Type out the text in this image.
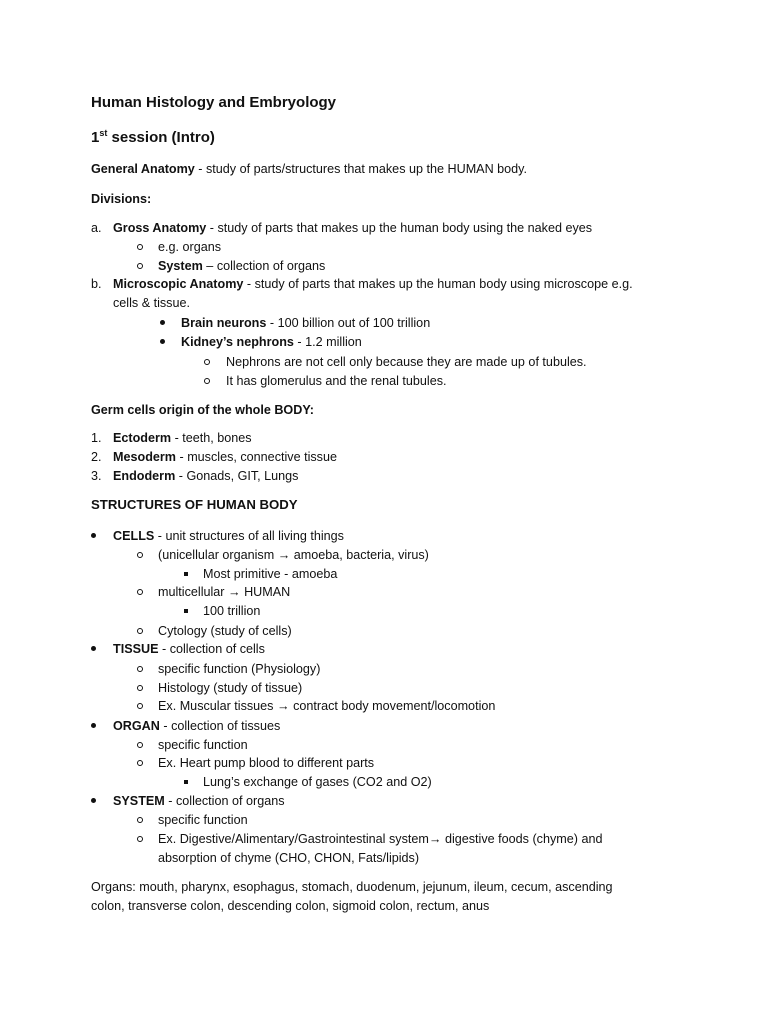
Human Histology and Embryology
1st session (Intro)
General Anatomy - study of parts/structures that makes up the HUMAN body.
Divisions:
a. Gross Anatomy - study of parts that makes up the human body using the naked eyes
e.g. organs
System – collection of organs
b. Microscopic Anatomy - study of parts that makes up the human body using microscope e.g.
cells & tissue.
Brain neurons - 100 billion out of 100 trillion
Kidney’s nephrons - 1.2 million
Nephrons are not cell only because they are made up of tubules.
It has glomerulus and the renal tubules.
Germ cells origin of the whole BODY:
1. Ectoderm - teeth, bones
2. Mesoderm - muscles, connective tissue
3. Endoderm - Gonads, GIT, Lungs
STRUCTURES OF HUMAN BODY
CELLS - unit structures of all living things
(unicellular organism → amoeba, bacteria, virus)
Most primitive - amoeba
multicellular → HUMAN
100 trillion
Cytology (study of cells)
TISSUE - collection of cells
specific function (Physiology)
Histology (study of tissue)
Ex. Muscular tissues → contract body movement/locomotion
ORGAN - collection of tissues
specific function
Ex. Heart pump blood to different parts
Lung’s exchange of gases (CO2 and O2)
SYSTEM - collection of organs
specific function
Ex. Digestive/Alimentary/Gastrointestinal system→ digestive foods (chyme) and
absorption of chyme (CHO, CHON, Fats/lipids)
Organs: mouth, pharynx, esophagus, stomach, duodenum, jejunum, ileum, cecum, ascending
colon, transverse colon, descending colon, sigmoid colon, rectum, anus
